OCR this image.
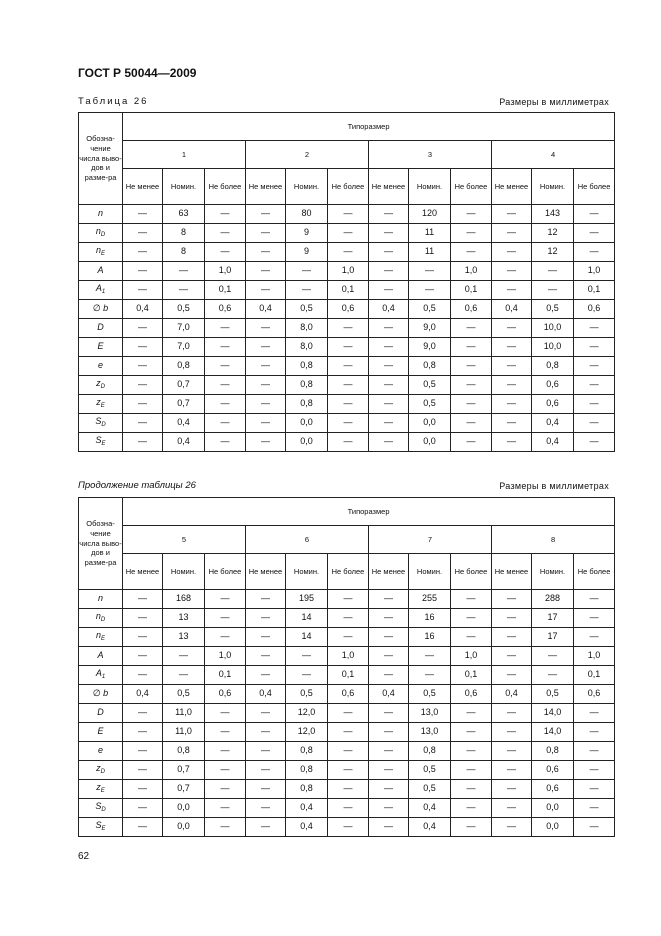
ГОСТ Р 50044—2009
Таблица 26	Размеры в миллиметрах
Обозна-чение числа выво-дов и разме-ра	Типоразмер											
	1			2			3			4		
	Не менее	Номин.	Не более	Не менее	Номин.	Не более	Не менее	Номин.	Не более	Не менее	Номин.	Не более
n	—	63	—	—	80	—	—	120	—	—	143	—
$n_D$	—	8	—	—	9	—	—	11	—	—	12	—
$n_E$	—	8	—	—	9	—	—	11	—	—	12	—
A	—	—	1,0	—	—	1,0	—	—	1,0	—	—	1,0
$A_1$	—	—	0,1	—	—	0,1	—	—	0,1	—	—	0,1
∅ b	0,4	0,5	0,6	0,4	0,5	0,6	0,4	0,5	0,6	0,4	0,5	0,6
D	—	7,0	—	—	8,0	—	—	9,0	—	—	10,0	—
E	—	7,0	—	—	8,0	—	—	9,0	—	—	10,0	—
e	—	0,8	—	—	0,8	—	—	0,8	—	—	0,8	—
$z_D$	—	0,7	—	—	0,8	—	—	0,5	—	—	0,6	—
$z_E$	—	0,7	—	—	0,8	—	—	0,5	—	—	0,6	—
$S_D$	—	0,4	—	—	0,0	—	—	0,0	—	—	0,4	—
$S_E$	—	0,4	—	—	0,0	—	—	0,0	—	—	0,4	—
Продолжение таблицы 26	Размеры в миллиметрах
Обозна-чение числа выво-дов и разме-ра	Типоразмер											
	5			6			7			8		
	Не менее	Номин.	Не более	Не менее	Номин.	Не более	Не менее	Номин.	Не более	Не менее	Номин.	Не более
n	—	168	—	—	195	—	—	255	—	—	288	—
$n_D$	—	13	—	—	14	—	—	16	—	—	17	—
$n_E$	—	13	—	—	14	—	—	16	—	—	17	—
A	—	—	1,0	—	—	1,0	—	—	1,0	—	—	1,0
$A_1$	—	—	0,1	—	—	0,1	—	—	0,1	—	—	0,1
∅ b	0,4	0,5	0,6	0,4	0,5	0,6	0,4	0,5	0,6	0,4	0,5	0,6
D	—	11,0	—	—	12,0	—	—	13,0	—	—	14,0	—
E	—	11,0	—	—	12,0	—	—	13,0	—	—	14,0	—
e	—	0,8	—	—	0,8	—	—	0,8	—	—	0,8	—
$z_D$	—	0,7	—	—	0,8	—	—	0,5	—	—	0,6	—
$z_E$	—	0,7	—	—	0,8	—	—	0,5	—	—	0,6	—
$S_D$	—	0,0	—	—	0,4	—	—	0,4	—	—	0,0	—
$S_E$	—	0,0	—	—	0,4	—	—	0,4	—	—	0,0	—
62
